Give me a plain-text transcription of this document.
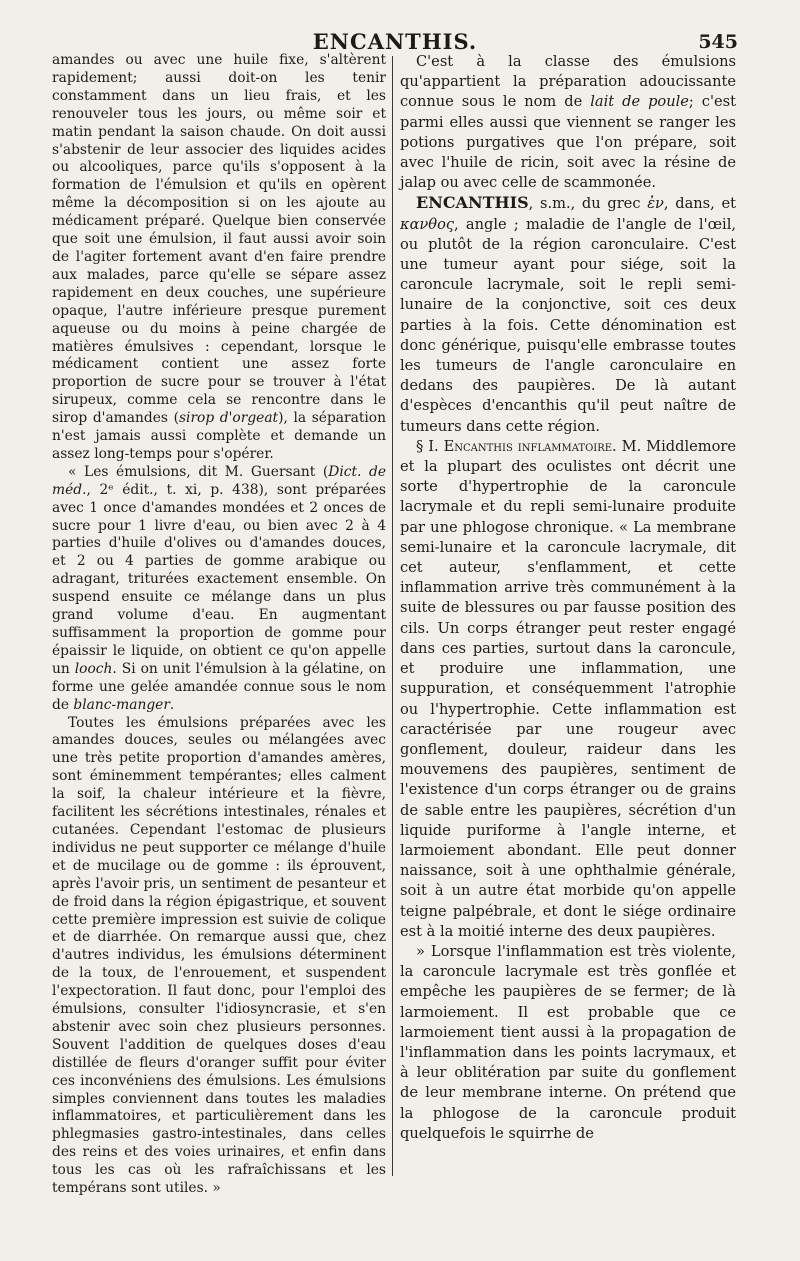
ENCANTHIS.	545

amandes ou avec une huile fixe, s'altèrent rapidement; aussi doit-on les tenir constamment dans un lieu frais, et les renouveler tous les jours, ou même soir et matin pendant la saison chaude. On doit aussi s'abstenir de leur associer des liquides acides ou alcooliques, parce qu'ils s'opposent à la formation de l'émulsion et qu'ils en opèrent même la décomposition si on les ajoute au médicament préparé. Quelque bien conservée que soit une émulsion, il faut aussi avoir soin de l'agiter fortement avant d'en faire prendre aux malades, parce qu'elle se sépare assez rapidement en deux couches, une supérieure opaque, l'autre inférieure presque purement aqueuse ou du moins à peine chargée de matières émulsives : cependant, lorsque le médicament contient une assez forte proportion de sucre pour se trouver à l'état sirupeux, comme cela se rencontre dans le sirop d'amandes (sirop d'orgeat), la séparation n'est jamais aussi complète et demande un assez long-temps pour s'opérer.

« Les émulsions, dit M. Guersant (Dict. de méd., 2ᵉ édit., t. xi, p. 438), sont préparées avec 1 once d'amandes mondées et 2 onces de sucre pour 1 livre d'eau, ou bien avec 2 à 4 parties d'huile d'olives ou d'amandes douces, et 2 ou 4 parties de gomme arabique ou adragant, triturées exactement ensemble. On suspend ensuite ce mélange dans un plus grand volume d'eau. En augmentant suffisamment la proportion de gomme pour épaissir le liquide, on obtient ce qu'on appelle un looch. Si on unit l'émulsion à la gélatine, on forme une gelée amandée connue sous le nom de blanc-manger.

Toutes les émulsions préparées avec les amandes douces, seules ou mélangées avec une très petite proportion d'amandes amères, sont éminemment tempérantes; elles calment la soif, la chaleur intérieure et la fièvre, facilitent les sécrétions intestinales, rénales et cutanées. Cependant l'estomac de plusieurs individus ne peut supporter ce mélange d'huile et de mucilage ou de gomme : ils éprouvent, après l'avoir pris, un sentiment de pesanteur et de froid dans la région épigastrique, et souvent cette première impression est suivie de colique et de diarrhée. On remarque aussi que, chez d'autres individus, les émulsions déterminent de la toux, de l'enrouement, et suspendent l'expectoration. Il faut donc, pour l'emploi des émulsions, consulter l'idiosyncrasie, et s'en abstenir avec soin chez plusieurs personnes. Souvent l'addition de quelques doses d'eau distillée de fleurs d'oranger suffit pour éviter ces inconvéniens des émulsions. Les émulsions simples conviennent dans toutes les maladies inflammatoires, et particulièrement dans les phlegmasies gastro-intestinales, dans celles des reins et des voies urinaires, et enfin dans tous les cas où les rafraîchissans et les tempérans sont utiles. »

C'est à la classe des émulsions qu'appartient la préparation adoucissante connue sous le nom de lait de poule; c'est parmi elles aussi que viennent se ranger les potions purgatives que l'on prépare, soit avec l'huile de ricin, soit avec la résine de jalap ou avec celle de scammonée.

ENCANTHIS, s.m., du grec ἐν, dans, et κανθος, angle ; maladie de l'angle de l'œil, ou plutôt de la région caronculaire. C'est une tumeur ayant pour siége, soit la caroncule lacrymale, soit le repli semi-lunaire de la conjonctive, soit ces deux parties à la fois. Cette dénomination est donc générique, puisqu'elle embrasse toutes les tumeurs de l'angle caronculaire en dedans des paupières. De là autant d'espèces d'encanthis qu'il peut naître de tumeurs dans cette région.

§ I. Encanthis inflammatoire. M. Middlemore et la plupart des oculistes ont décrit une sorte d'hypertrophie de la caroncule lacrymale et du repli semi-lunaire produite par une phlogose chronique. « La membrane semi-lunaire et la caroncule lacrymale, dit cet auteur, s'enflamment, et cette inflammation arrive très communément à la suite de blessures ou par fausse position des cils. Un corps étranger peut rester engagé dans ces parties, surtout dans la caroncule, et produire une inflammation, une suppuration, et conséquemment l'atrophie ou l'hypertrophie. Cette inflammation est caractérisée par une rougeur avec gonflement, douleur, raideur dans les mouvemens des paupières, sentiment de l'existence d'un corps étranger ou de grains de sable entre les paupières, sécrétion d'un liquide puriforme à l'angle interne, et larmoiement abondant. Elle peut donner naissance, soit à une ophthalmie générale, soit à un autre état morbide qu'on appelle teigne palpébrale, et dont le siége ordinaire est à la moitié interne des deux paupières.

» Lorsque l'inflammation est très violente, la caroncule lacrymale est très gonflée et empêche les paupières de se fermer; de là larmoiement. Il est probable que ce larmoiement tient aussi à la propagation de l'inflammation dans les points lacrymaux, et à leur oblitération par suite du gonflement de leur membrane interne. On prétend que la phlogose de la caroncule produit quelquefois le squirrhe de
